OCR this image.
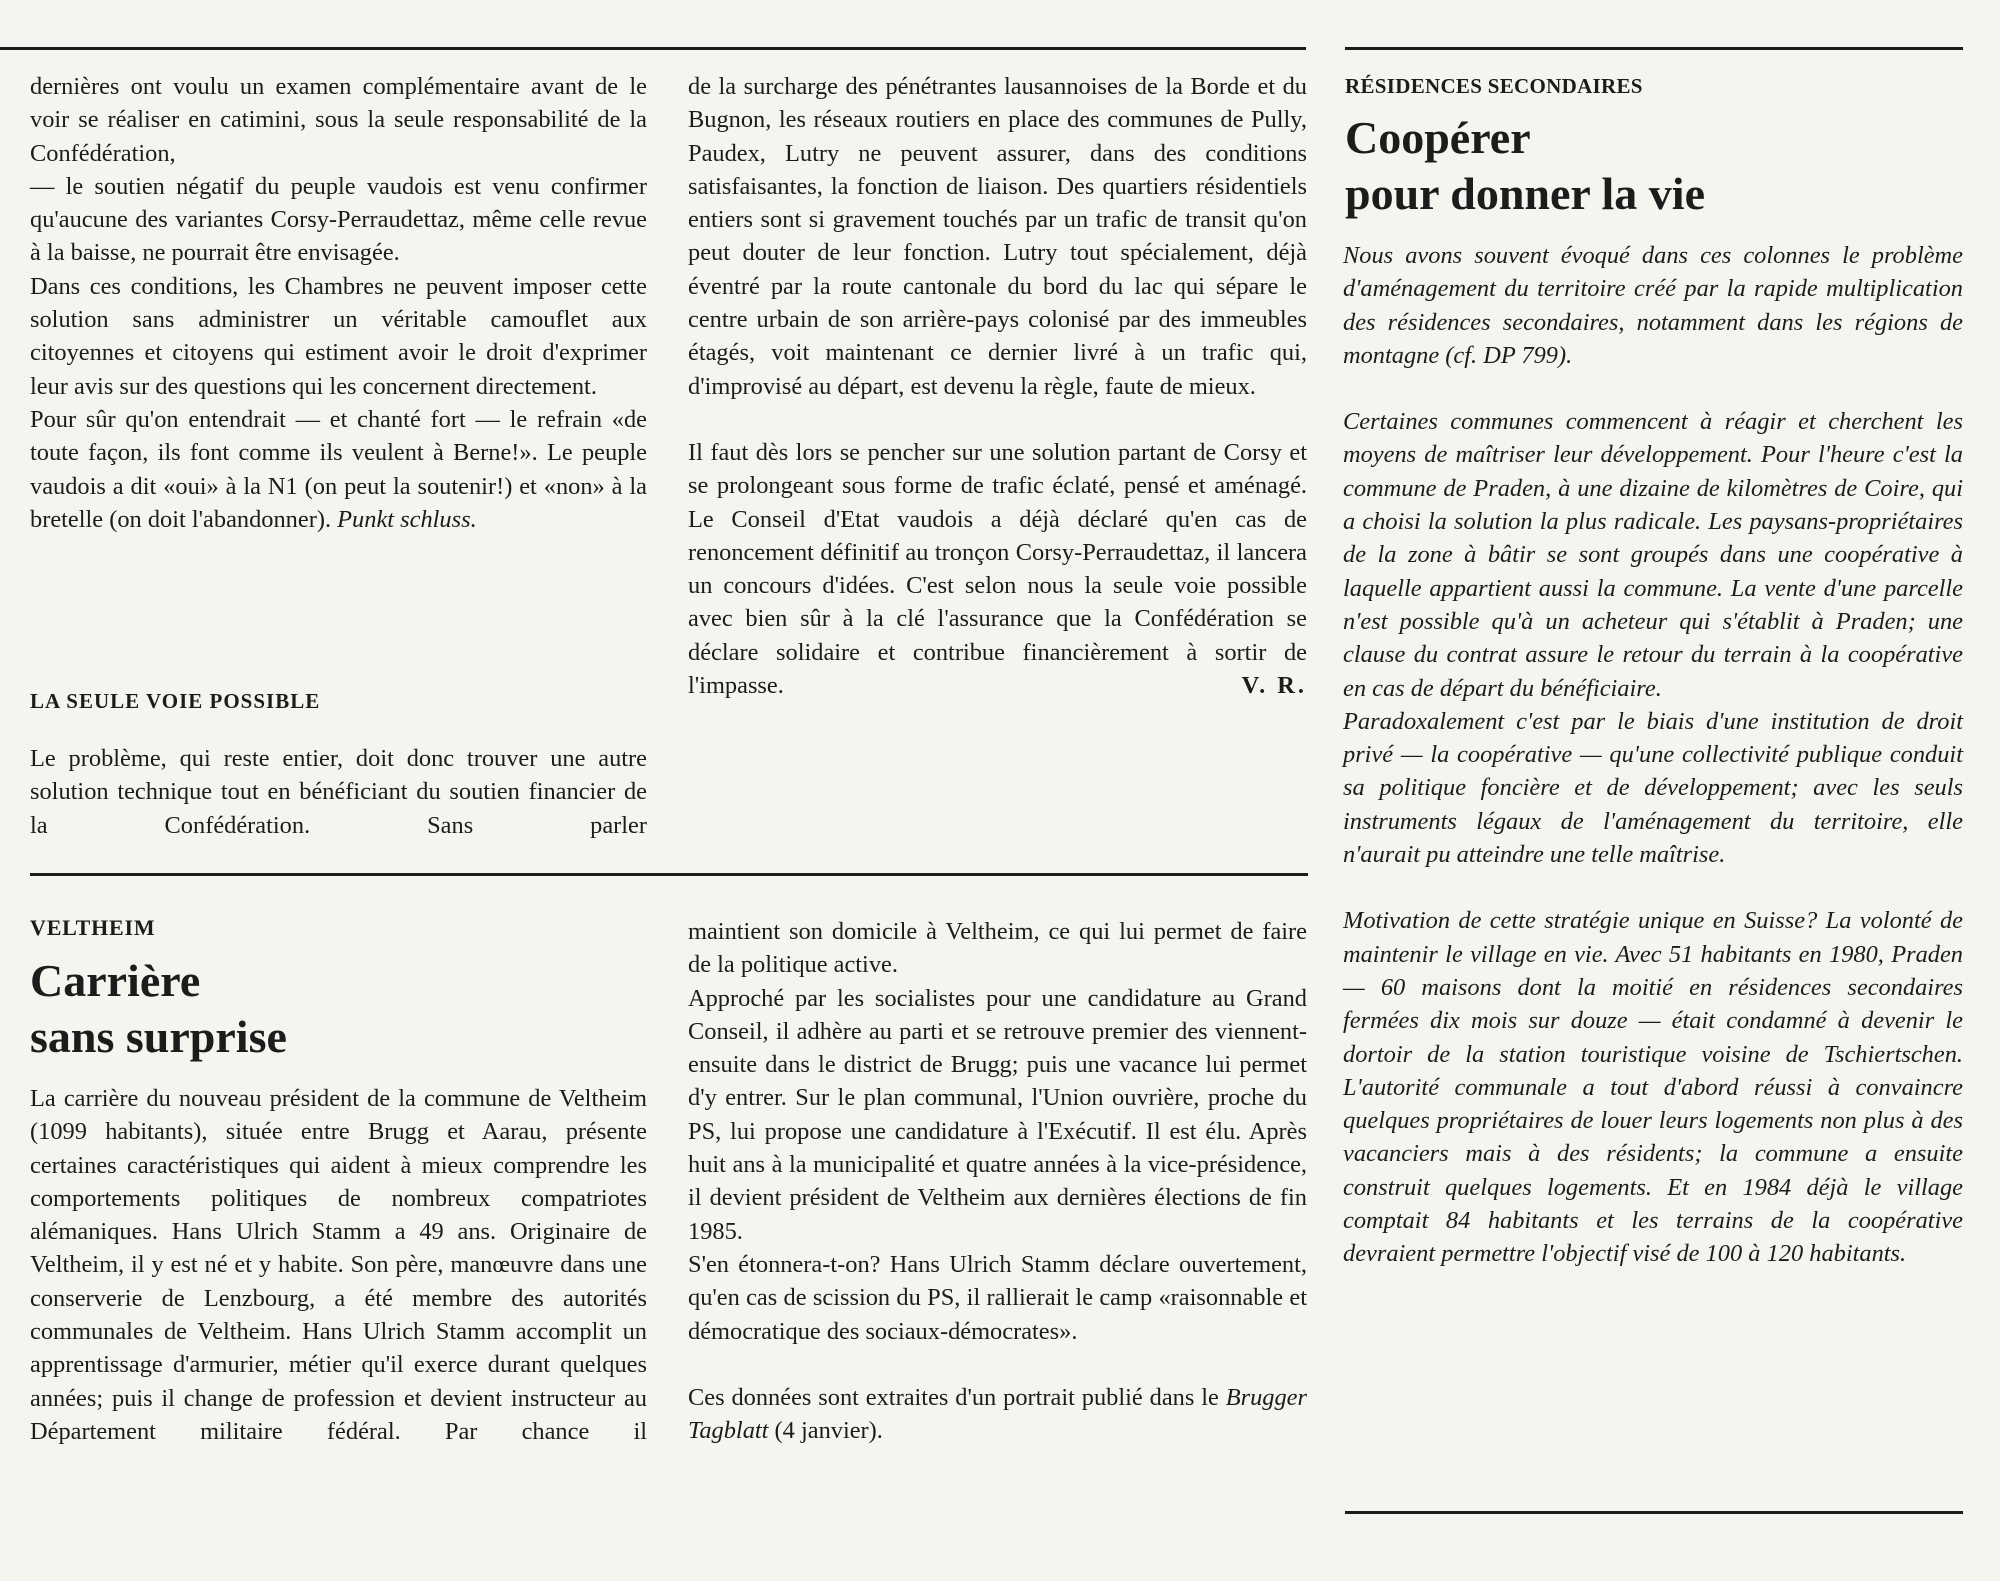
dernières ont voulu un examen complémentaire avant de le voir se réaliser en catimini, sous la seule responsabilité de la Confédération,

— le soutien négatif du peuple vaudois est venu confirmer qu'aucune des variantes Corsy-Perraudettaz, même celle revue à la baisse, ne pourrait être envisagée.

Dans ces conditions, les Chambres ne peuvent imposer cette solution sans administrer un véritable camouflet aux citoyennes et citoyens qui estiment avoir le droit d'exprimer leur avis sur des questions qui les concernent directement.

Pour sûr qu'on entendrait — et chanté fort — le refrain «de toute façon, ils font comme ils veulent à Berne!». Le peuple vaudois a dit «oui» à la N1 (on peut la soutenir!) et «non» à la bretelle (on doit l'abandonner). Punkt schluss.

LA SEULE VOIE POSSIBLE

Le problème, qui reste entier, doit donc trouver une autre solution technique tout en bénéficiant du soutien financier de la Confédération. Sans parler

de la surcharge des pénétrantes lausannoises de la Borde et du Bugnon, les réseaux routiers en place des communes de Pully, Paudex, Lutry ne peuvent assurer, dans des conditions satisfaisantes, la fonction de liaison. Des quartiers résidentiels entiers sont si gravement touchés par un trafic de transit qu'on peut douter de leur fonction. Lutry tout spécialement, déjà éventré par la route cantonale du bord du lac qui sépare le centre urbain de son arrière-pays colonisé par des immeubles étagés, voit maintenant ce dernier livré à un trafic qui, d'improvisé au départ, est devenu la règle, faute de mieux.

Il faut dès lors se pencher sur une solution partant de Corsy et se prolongeant sous forme de trafic éclaté, pensé et aménagé. Le Conseil d'Etat vaudois a déjà déclaré qu'en cas de renoncement définitif au tronçon Corsy-Perraudettaz, il lancera un concours d'idées. C'est selon nous la seule voie possible avec bien sûr à la clé l'assurance que la Confédération se déclare solidaire et contribue financièrement à sortir de l'impasse.	V. R.

VELTHEIM
Carrière
sans surprise

La carrière du nouveau président de la commune de Veltheim (1099 habitants), située entre Brugg et Aarau, présente certaines caractéristiques qui aident à mieux comprendre les comportements politiques de nombreux compatriotes alémaniques. Hans Ulrich Stamm a 49 ans. Originaire de Veltheim, il y est né et y habite. Son père, manœuvre dans une conserverie de Lenzbourg, a été membre des autorités communales de Veltheim. Hans Ulrich Stamm accomplit un apprentissage d'armurier, métier qu'il exerce durant quelques années; puis il change de profession et devient instructeur au Département militaire fédéral. Par chance il

maintient son domicile à Veltheim, ce qui lui permet de faire de la politique active.

Approché par les socialistes pour une candidature au Grand Conseil, il adhère au parti et se retrouve premier des viennent-ensuite dans le district de Brugg; puis une vacance lui permet d'y entrer. Sur le plan communal, l'Union ouvrière, proche du PS, lui propose une candidature à l'Exécutif. Il est élu. Après huit ans à la municipalité et quatre années à la vice-présidence, il devient président de Veltheim aux dernières élections de fin 1985.

S'en étonnera-t-on? Hans Ulrich Stamm déclare ouvertement, qu'en cas de scission du PS, il rallierait le camp «raisonnable et démocratique des sociaux-démocrates».

Ces données sont extraites d'un portrait publié dans le Brugger Tagblatt (4 janvier).

RÉSIDENCES SECONDAIRES
Coopérer
pour donner la vie

Nous avons souvent évoqué dans ces colonnes le problème d'aménagement du territoire créé par la rapide multiplication des résidences secondaires, notamment dans les régions de montagne (cf. DP 799).

Certaines communes commencent à réagir et cherchent les moyens de maîtriser leur développement. Pour l'heure c'est la commune de Praden, à une dizaine de kilomètres de Coire, qui a choisi la solution la plus radicale. Les paysans-propriétaires de la zone à bâtir se sont groupés dans une coopérative à laquelle appartient aussi la commune. La vente d'une parcelle n'est possible qu'à un acheteur qui s'établit à Praden; une clause du contrat assure le retour du terrain à la coopérative en cas de départ du bénéficiaire.

Paradoxalement c'est par le biais d'une institution de droit privé — la coopérative — qu'une collectivité publique conduit sa politique foncière et de développement; avec les seuls instruments légaux de l'aménagement du territoire, elle n'aurait pu atteindre une telle maîtrise.

Motivation de cette stratégie unique en Suisse? La volonté de maintenir le village en vie. Avec 51 habitants en 1980, Praden — 60 maisons dont la moitié en résidences secondaires fermées dix mois sur douze — était condamné à devenir le dortoir de la station touristique voisine de Tschiertschen. L'autorité communale a tout d'abord réussi à convaincre quelques propriétaires de louer leurs logements non plus à des vacanciers mais à des résidents; la commune a ensuite construit quelques logements. Et en 1984 déjà le village comptait 84 habitants et les terrains de la coopérative devraient permettre l'objectif visé de 100 à 120 habitants.
